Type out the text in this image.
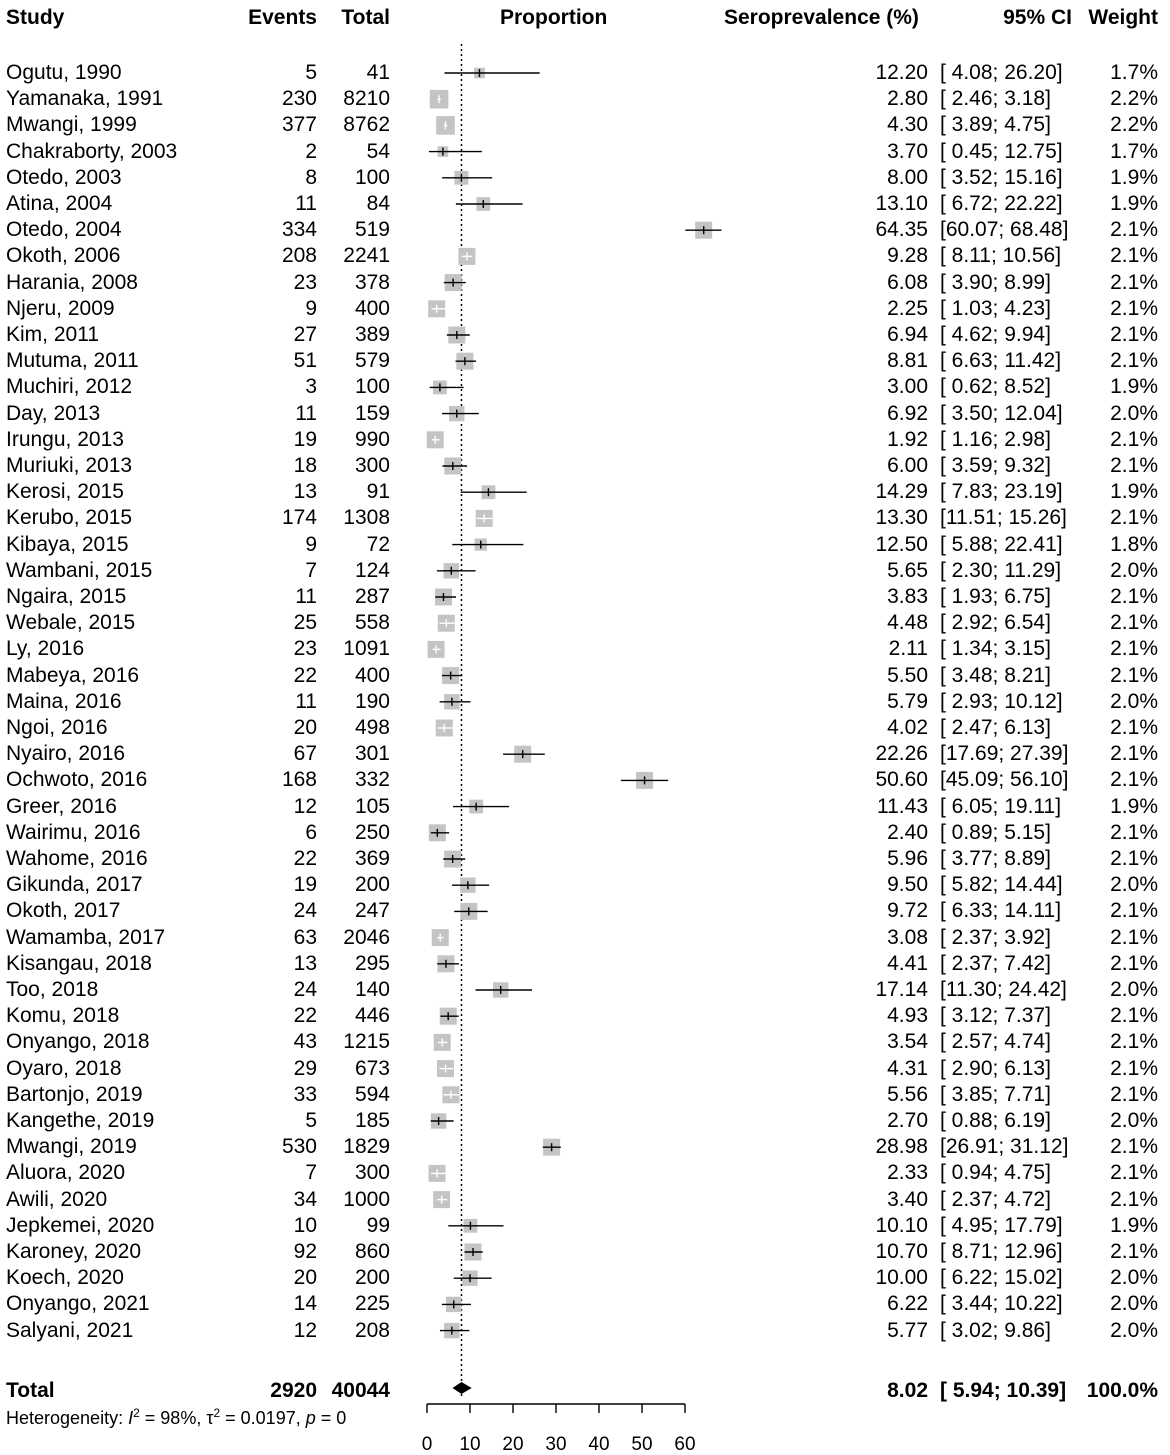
Study	Events	Total	Proportion	Seroprevalence (%)	95% CI Weight
Ogutu, 1990	5	41	12.20 [ 4.08; 26.20]	1.7%
Yamanaka, 1991	230	8210	2.80 [ 2.46; 3.18]	2.2%
Mwangi, 1999	377	8762	4.30 [ 3.89; 4.75]	2.2%
Chakraborty, 2003	2	54	3.70 [ 0.45; 12.75]	1.7%
Otedo, 2003	8	100	8.00 [ 3.52; 15.16]	1.9%
Atina, 2004	11	84	13.10 [ 6.72; 22.22]	1.9%
Otedo, 2004	334	519	64.35 [60.07; 68.48]	2.1%
Okoth, 2006	208	2241	9.28 [ 8.11; 10.56]	2.1%
Harania, 2008	23	378	6.08 [ 3.90; 8.99]	2.1%
Njeru, 2009	9	400	2.25 [ 1.03; 4.23]	2.1%
Kim, 2011	27	389	6.94 [ 4.62; 9.94]	2.1%
Mutuma, 2011	51	579	8.81 [ 6.63; 11.42]	2.1%
Muchiri, 2012	3	100	3.00 [ 0.62; 8.52]	1.9%
Day, 2013	11	159	6.92 [ 3.50; 12.04]	2.0%
Irungu, 2013	19	990	1.92 [ 1.16; 2.98]	2.1%
Muriuki, 2013	18	300	6.00 [ 3.59; 9.32]	2.1%
Kerosi, 2015	13	91	14.29 [ 7.83; 23.19]	1.9%
Kerubo, 2015	174	1308	13.30 [11.51; 15.26]	2.1%
Kibaya, 2015	9	72	12.50 [ 5.88; 22.41]	1.8%
Wambani, 2015	7	124	5.65 [ 2.30; 11.29]	2.0%
Ngaira, 2015	11	287	3.83 [ 1.93; 6.75]	2.1%
Webale, 2015	25	558	4.48 [ 2.92; 6.54]	2.1%
Ly, 2016	23	1091	2.11 [ 1.34; 3.15]	2.1%
Mabeya, 2016	22	400	5.50 [ 3.48; 8.21]	2.1%
Maina, 2016	11	190	5.79 [ 2.93; 10.12]	2.0%
Ngoi, 2016	20	498	4.02 [ 2.47; 6.13]	2.1%
Nyairo, 2016	67	301	22.26 [17.69; 27.39]	2.1%
Ochwoto, 2016	168	332	50.60 [45.09; 56.10]	2.1%
Greer, 2016	12	105	11.43 [ 6.05; 19.11]	1.9%
Wairimu, 2016	6	250	2.40 [ 0.89; 5.15]	2.1%
Wahome, 2016	22	369	5.96 [ 3.77; 8.89]	2.1%
Gikunda, 2017	19	200	9.50 [ 5.82; 14.44]	2.0%
Okoth, 2017	24	247	9.72 [ 6.33; 14.11]	2.1%
Wamamba, 2017	63	2046	3.08 [ 2.37; 3.92]	2.1%
Kisangau, 2018	13	295	4.41 [ 2.37; 7.42]	2.1%
Too, 2018	24	140	17.14 [11.30; 24.42]	2.0%
Komu, 2018	22	446	4.93 [ 3.12; 7.37]	2.1%
Onyango, 2018	43	1215	3.54 [ 2.57; 4.74]	2.1%
Oyaro, 2018	29	673	4.31 [ 2.90; 6.13]	2.1%
Bartonjo, 2019	33	594	5.56 [ 3.85; 7.71]	2.1%
Kangethe, 2019	5	185	2.70 [ 0.88; 6.19]	2.0%
Mwangi, 2019	530	1829	28.98 [26.91; 31.12]	2.1%
Aluora, 2020	7	300	2.33 [ 0.94; 4.75]	2.1%
Awili, 2020	34	1000	3.40 [ 2.37; 4.72]	2.1%
Jepkemei, 2020	10	99	10.10 [ 4.95; 17.79]	1.9%
Karoney, 2020	92	860	10.70 [ 8.71; 12.96]	2.1%
Koech, 2020	20	200	10.00 [ 6.22; 15.02]	2.0%
Onyango, 2021	14	225	6.22 [ 3.44; 10.22]	2.0%
Salyani, 2021	12	208	5.77 [ 3.02; 9.86]	2.0%
Total	2920 40044	8.02 [ 5.94; 10.39] 100.0%
Heterogeneity: $I^2 = 98\%$, $\tau^2 = 0.0197$, p = 0
0 10 20 30 40 50 60
